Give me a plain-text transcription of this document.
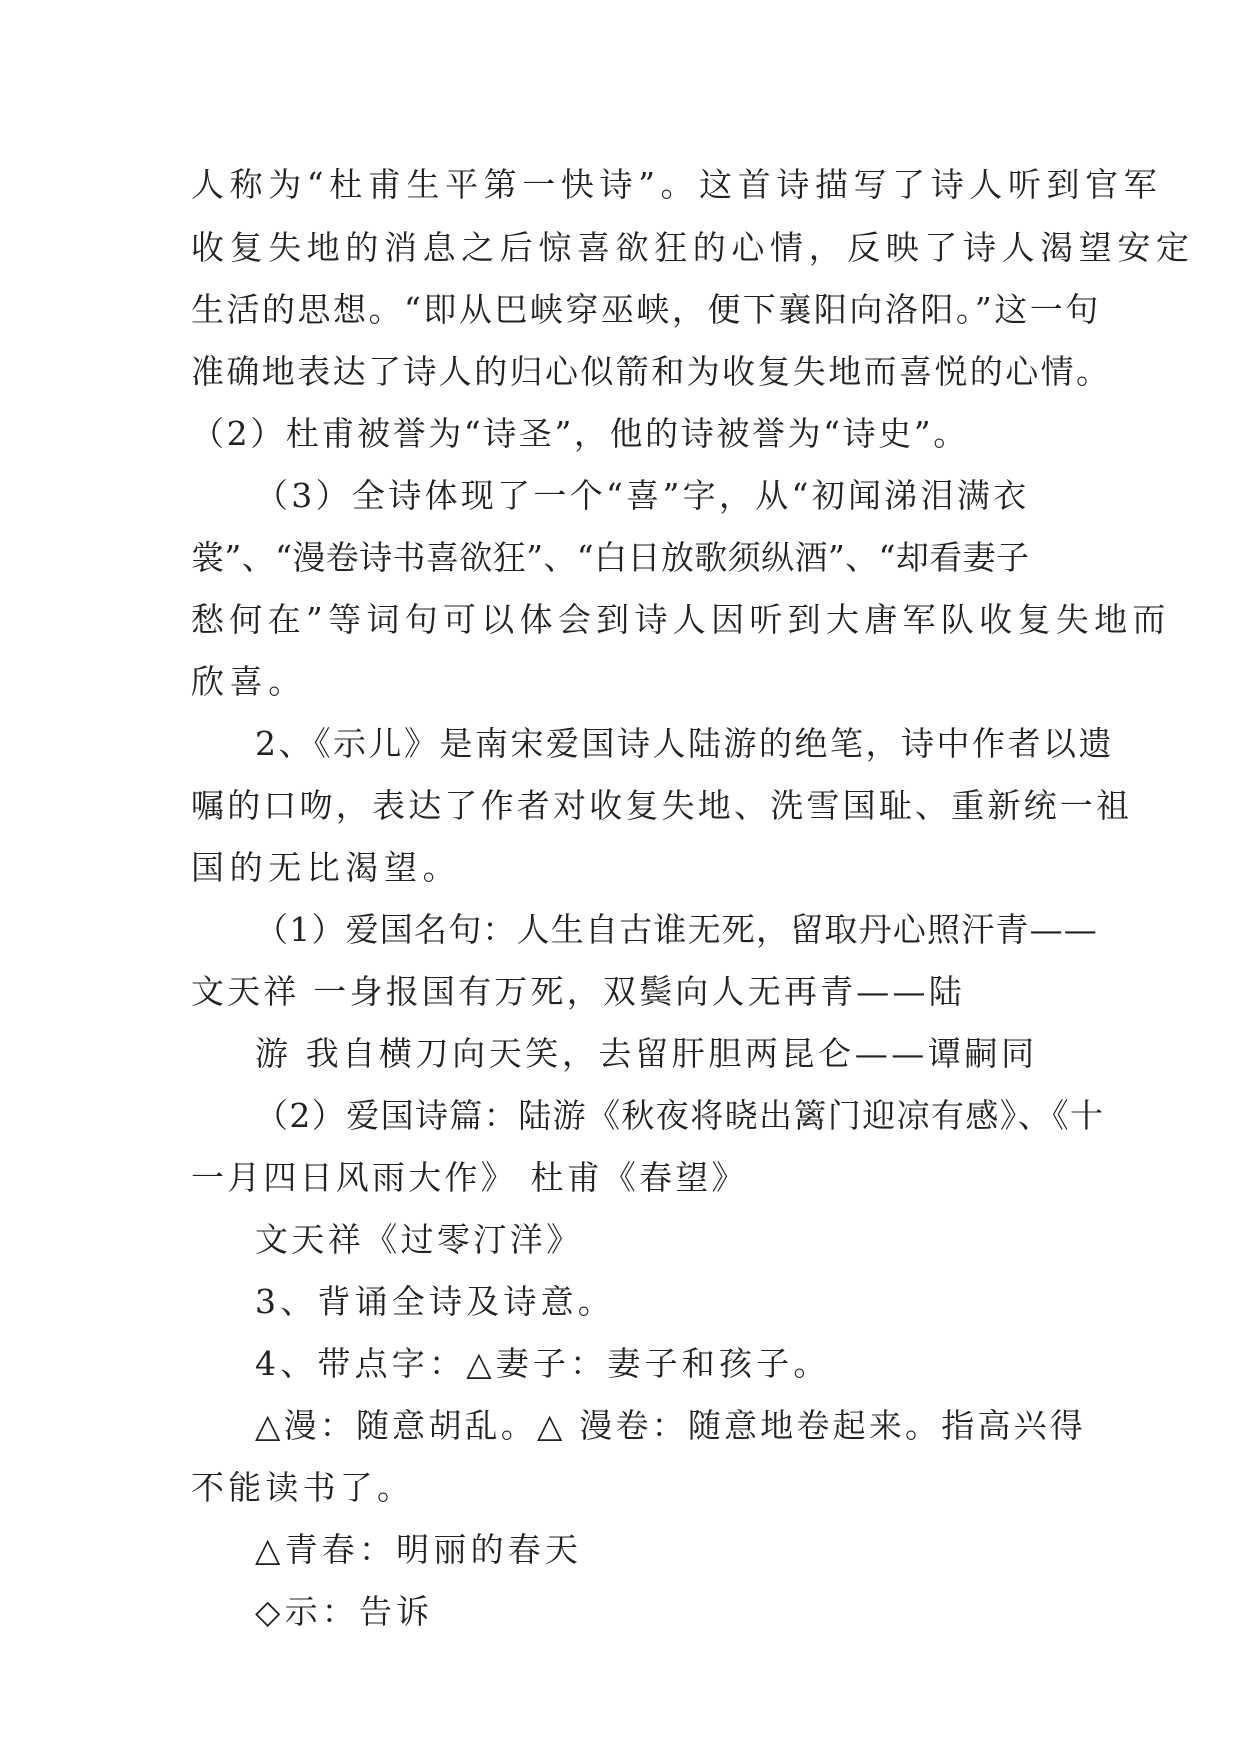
人称为“杜甫生平第一快诗”。这首诗描写了诗人听到官军
收复失地的消息之后惊喜欲狂的心情，反映了诗人渴望安定
生活的思想。“即从巴峡穿巫峡，便下襄阳向洛阳。”这一句
准确地表达了诗人的归心似箭和为收复失地而喜悦的心情。
（2）杜甫被誉为“诗圣”，他的诗被誉为“诗史”。
（3）全诗体现了一个“喜”字，从“初闻涕泪满衣
裳”、“漫卷诗书喜欲狂”、“白日放歌须纵酒”、“却看妻子
愁何在”等词句可以体会到诗人因听到大唐军队收复失地而
欣喜。
2、《示儿》是南宋爱国诗人陆游的绝笔，诗中作者以遗
嘱的口吻，表达了作者对收复失地、洗雪国耻、重新统一祖
国的无比渴望。
（1）爱国名句：人生自古谁无死，留取丹心照汗青——
文天祥 一身报国有万死，双鬓向人无再青——陆
游 我自横刀向天笑，去留肝胆两昆仑——谭嗣同
（2）爱国诗篇：陆游《秋夜将晓出篱门迎凉有感》、《十
一月四日风雨大作》 杜甫《春望》
文天祥《过零汀洋》
3、背诵全诗及诗意。
4、带点字：△妻子：妻子和孩子。
△漫：随意胡乱。△ 漫卷：随意地卷起来。指高兴得
不能读书了。
△青春：明丽的春天
◇示：告诉
